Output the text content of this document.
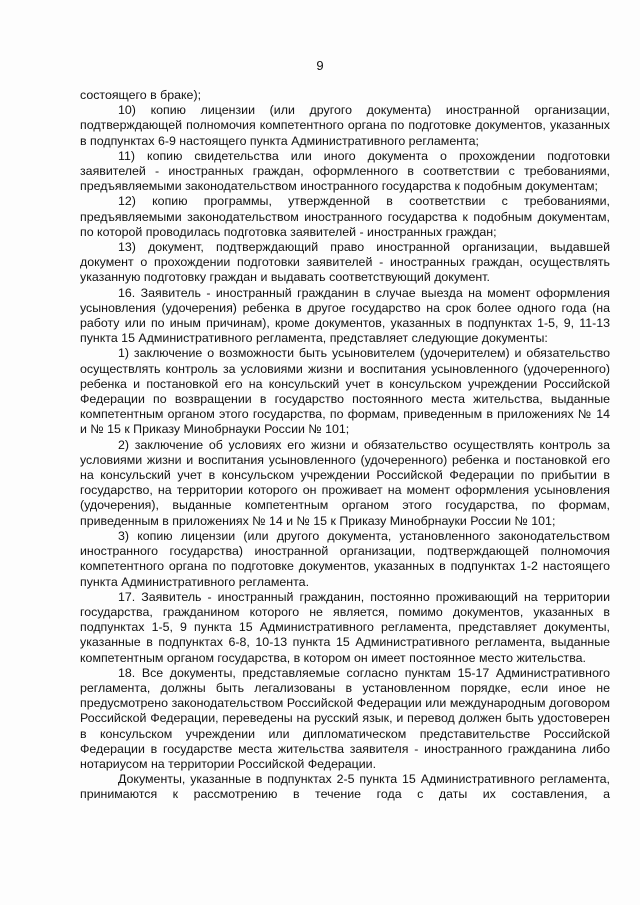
9

состоящего в браке);

10) копию лицензии (или другого документа) иностранной организации, подтверждающей полномочия компетентного органа по подготовке документов, указанных в подпунктах 6-9 настоящего пункта Административного регламента;

11) копию свидетельства или иного документа о прохождении подготовки заявителей - иностранных граждан, оформленного в соответствии с требованиями, предъявляемыми законодательством иностранного государства к подобным документам;

12) копию программы, утвержденной в соответствии с требованиями, предъявляемыми законодательством иностранного государства к подобным документам, по которой проводилась подготовка заявителей - иностранных граждан;

13) документ, подтверждающий право иностранной организации, выдавшей документ о прохождении подготовки заявителей - иностранных граждан, осуществлять указанную подготовку граждан и выдавать соответствующий документ.

16. Заявитель - иностранный гражданин в случае выезда на момент оформления усыновления (удочерения) ребенка в другое государство на срок более одного года (на работу или по иным причинам), кроме документов, указанных в подпунктах 1-5, 9, 11-13 пункта 15 Административного регламента, представляет следующие документы:

1) заключение о возможности быть усыновителем (удочерителем) и обязательство осуществлять контроль за условиями жизни и воспитания усыновленного (удочеренного) ребенка и постановкой его на консульский учет в консульском учреждении Российской Федерации по возвращении в государство постоянного места жительства, выданные компетентным органом этого государства, по формам, приведенным в приложениях № 14 и № 15 к Приказу Минобрнауки России № 101;

2) заключение об условиях его жизни и обязательство осуществлять контроль за условиями жизни и воспитания усыновленного (удочеренного) ребенка и постановкой его на консульский учет в консульском учреждении Российской Федерации по прибытии в государство, на территории которого он проживает на момент оформления усыновления (удочерения), выданные компетентным органом этого государства, по формам, приведенным в приложениях № 14 и № 15 к Приказу Минобрнауки России № 101;

3) копию лицензии (или другого документа, установленного законодательством иностранного государства) иностранной организации, подтверждающей полномочия компетентного органа по подготовке документов, указанных в подпунктах 1-2 настоящего пункта Административного регламента.

17. Заявитель - иностранный гражданин, постоянно проживающий на территории государства, гражданином которого не является, помимо документов, указанных в подпунктах 1-5, 9 пункта 15 Административного регламента, представляет документы, указанные в подпунктах 6-8, 10-13 пункта 15 Административного регламента, выданные компетентным органом государства, в котором он имеет постоянное место жительства.

18. Все документы, представляемые согласно пунктам 15-17 Административного регламента, должны быть легализованы в установленном порядке, если иное не предусмотрено законодательством Российской Федерации или международным договором Российской Федерации, переведены на русский язык, и перевод должен быть удостоверен в консульском учреждении или дипломатическом представительстве Российской Федерации в государстве места жительства заявителя - иностранного гражданина либо нотариусом на территории Российской Федерации.

Документы, указанные в подпунктах 2-5 пункта 15 Административного регламента, принимаются к рассмотрению в течение года с даты их составления, а
